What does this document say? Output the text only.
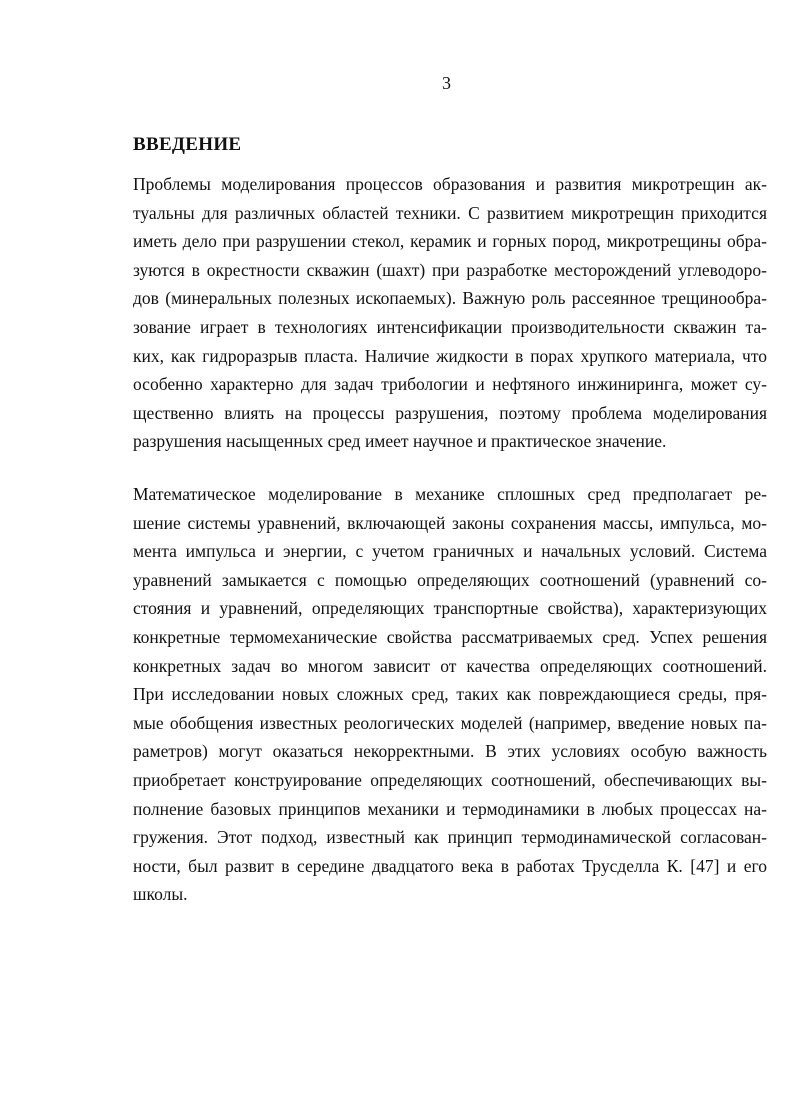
3
ВВЕДЕНИЕ
Проблемы моделирования процессов образования и развития микротрещин ак-
туальны для различных областей техники. С развитием микротрещин приходится
иметь дело при разрушении стекол, керамик и горных пород, микротрещины обра-
зуются в окрестности скважин (шахт) при разработке месторождений углеводоро-
дов (минеральных полезных ископаемых). Важную роль рассеянное трещинообра-
зование играет в технологиях интенсификации производительности скважин та-
ких, как гидроразрыв пласта. Наличие жидкости в порах хрупкого материала, что
особенно характерно для задач трибологии и нефтяного инжиниринга, может су-
щественно влиять на процессы разрушения, поэтому проблема моделирования
разрушения насыщенных сред имеет научное и практическое значение.
Математическое моделирование в механике сплошных сред предполагает ре-
шение системы уравнений, включающей законы сохранения массы, импульса, мо-
мента импульса и энергии, с учетом граничных и начальных условий. Система
уравнений замыкается с помощью определяющих соотношений (уравнений со-
стояния и уравнений, определяющих транспортные свойства), характеризующих
конкретные термомеханические свойства рассматриваемых сред. Успех решения
конкретных задач во многом зависит от качества определяющих соотношений.
При исследовании новых сложных сред, таких как повреждающиеся среды, пря-
мые обобщения известных реологических моделей (например, введение новых па-
раметров) могут оказаться некорректными. В этих условиях особую важность
приобретает конструирование определяющих соотношений, обеспечивающих вы-
полнение базовых принципов механики и термодинамики в любых процессах на-
гружения. Этот подход, известный как принцип термодинамической согласован-
ности, был развит в середине двадцатого века в работах Трусделла К. [47] и его
школы.
